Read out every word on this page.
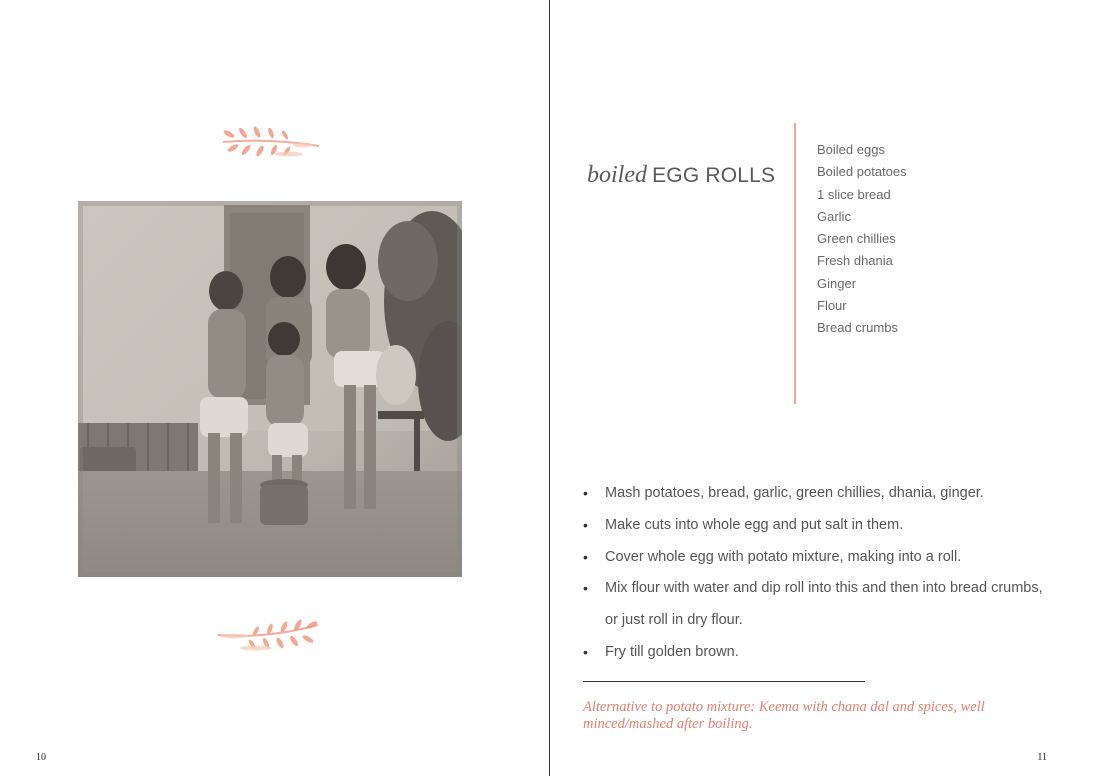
10
boiled EGG ROLLS
Boiled eggs
Boiled potatoes
1 slice bread
Garlic
Green chillies
Fresh dhania
Ginger
Flour
Bread crumbs
• Mash potatoes, bread, garlic, green chillies, dhania, ginger.
• Make cuts into whole egg and put salt in them.
• Cover whole egg with potato mixture, making into a roll.
• Mix flour with water and dip roll into this and then into bread crumbs, or just roll in dry flour.
• Fry till golden brown.
Alternative to potato mixture: Keema with chana dal and spices, well minced/mashed after boiling.
11
